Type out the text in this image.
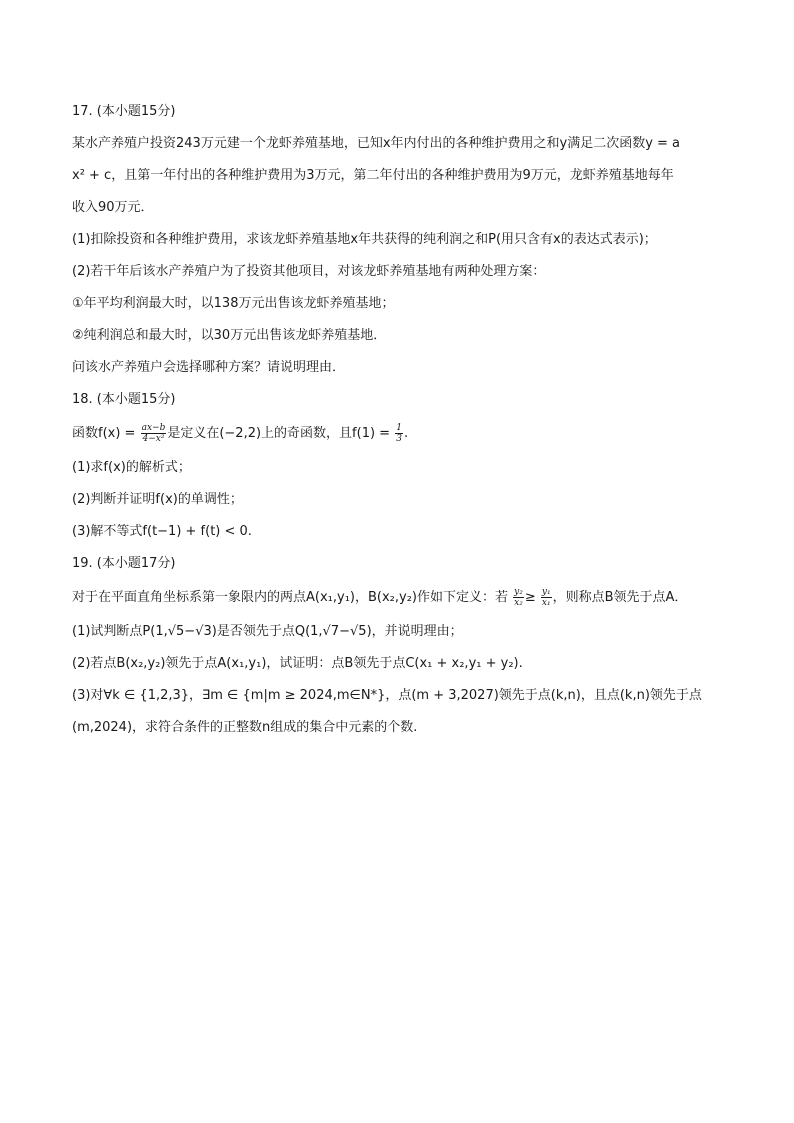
17. (本小题15分)
某水产养殖户投资243万元建一个龙虾养殖基地，已知x年内付出的各种维护费用之和y满足二次函数y = a
x² + c，且第一年付出的各种维护费用为3万元，第二年付出的各种维护费用为9万元，龙虾养殖基地每年
收入90万元．
(1)扣除投资和各种维护费用，求该龙虾养殖基地x年共获得的纯利润之和P(用只含有x的表达式表示)；
(2)若干年后该水产养殖户为了投资其他项目，对该龙虾养殖基地有两种处理方案：
①年平均利润最大时，以138万元出售该龙虾养殖基地；
②纯利润总和最大时，以30万元出售该龙虾养殖基地．
问该水产养殖户会选择哪种方案？请说明理由．
18. (本小题15分)
函数$f(x) = \frac{ax-b}{\text{4−x²}}$ 是定义在(−2,2)上的奇函数，且$f(1) = \frac{1}{3}$ .
(1)求f(x)的解析式；
(2)判断并证明f(x)的单调性；
(3)解不等式f(t−1) + f(t) < 0.
19. (本小题17分)
对于在平面直角坐标系第一象限内的两点A(x₁,y₁)，B(x₂,y₂)作如下定义：若 $\frac{\text{y₂}}{\text{x₂}} \ge \frac{\text{y₁}}{\text{x₁}}$ ，则称点B领先于点A．
(1)试判断点P(1,√5−√3)是否领先于点Q(1,√7−√5)，并说明理由；
(2)若点B(x₂,y₂)领先于点A(x₁,y₁)，试证明：点B领先于点C(x₁ + x₂,y₁ + y₂).
(3)对∀k ∈ {1,2,3}，∃m ∈ {m|m ≥ 2024,m∈N*}，点(m + 3,2027)领先于点(k,n)，且点(k,n)领先于点
(m,2024)，求符合条件的正整数n组成的集合中元素的个数.
